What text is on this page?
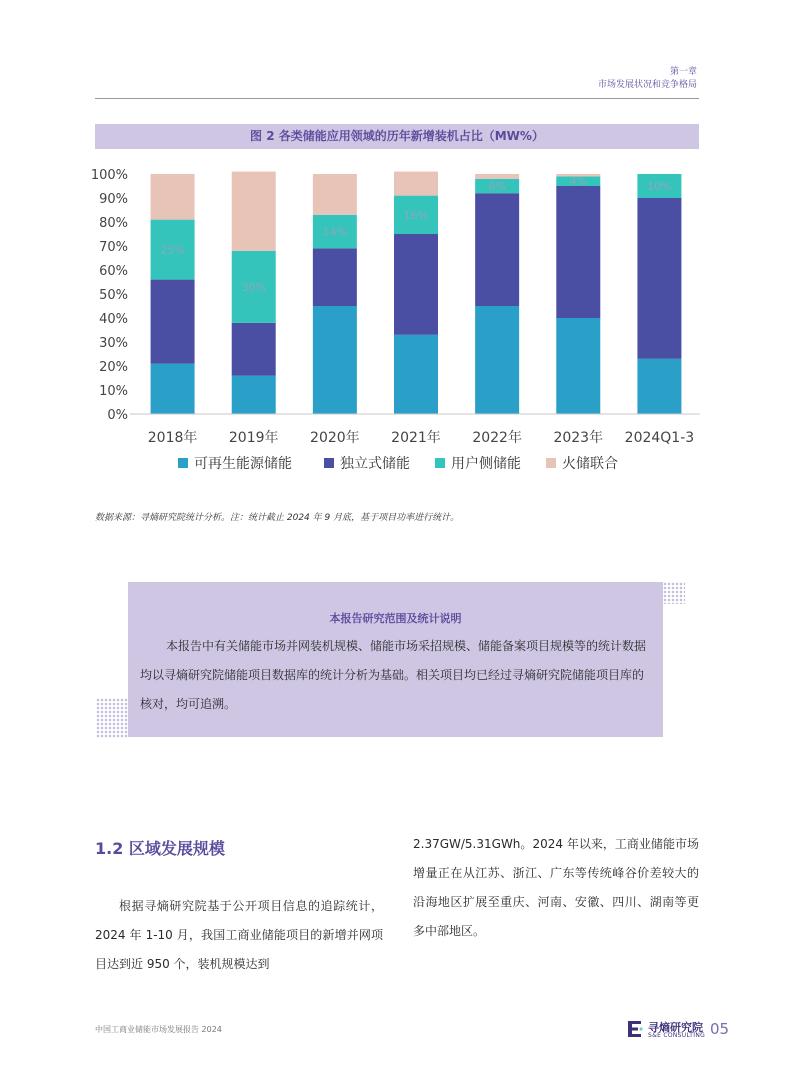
第一章
市场发展状况和竞争格局
图 2 各类储能应用领域的历年新增装机占比（MW%）
0%
10%
20%
30%
40%
50%
60%
70%
80%
90%
100%
2018年 2019年 2020年 2021年 2022年 2023年 2024Q1-3
25%
30%
14%
16%
6%	4%	10%
可再生能源储能	独立式储能	用户侧储能	火储联合
数据来源：寻熵研究院统计分析。注：统计截止 2024 年 9 月底，基于项目功率进行统计。
本报告研究范围及统计说明
本报告中有关储能市场并网装机规模、储能市场采招规模、储能备案项目规模等的统计数据均以寻熵研究院储能项目数据库的统计分析为基础。相关项目均已经过寻熵研究院储能项目库的核对，均可追溯。
1.2 区域发展规模
根据寻熵研究院基于公开项目信息的追踪统计，2024 年 1-10 月，我国工商业储能项目的新增并网项目达到近 950 个，装机规模达到
2.37GW/5.31GWh。2024 年以来，工商业储能市场增量正在从江苏、浙江、广东等传统峰谷价差较大的沿海地区扩展至重庆、河南、安徽、四川、湖南等更多中部地区。
中国工商业储能市场发展报告 2024	寻熵研究院
S&E CONSULTING 05
